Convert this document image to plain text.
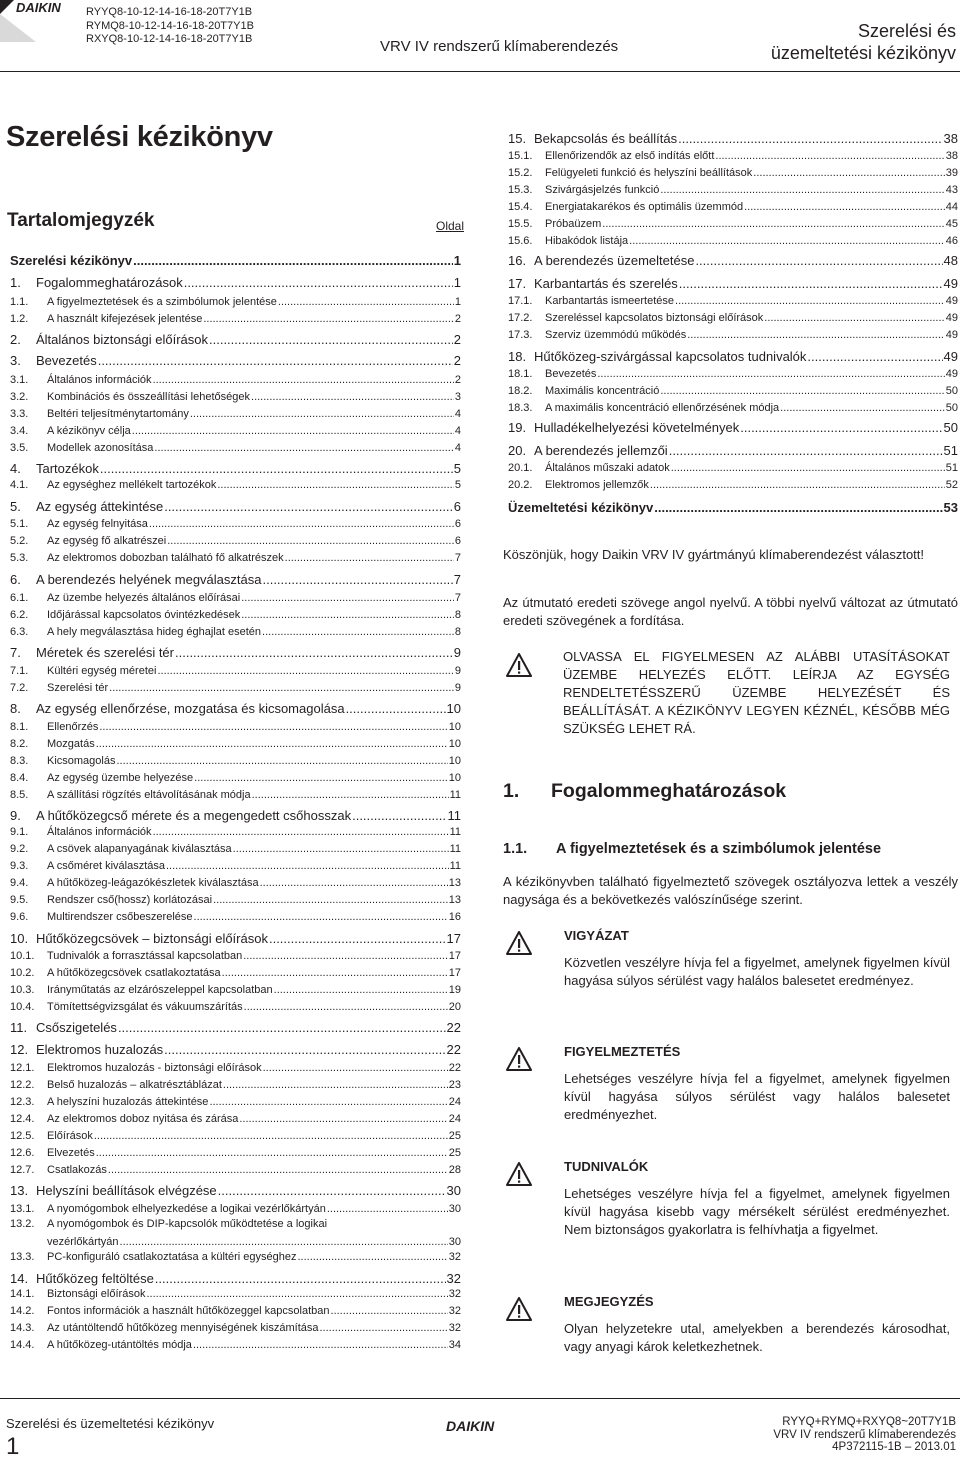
DAIKIN RYYQ8-10-12-14-16-18-20T7Y1B
RYMQ8-10-12-14-16-18-20T7Y1B
RXYQ8-10-12-14-16-18-20T7Y1B	VRV IV rendszerű klímaberendezés
Szerelési és
üzemeltetési kézikönyv
Szerelési kézikönyv
Tartalomjegyzék	Oldal
Szerelési kézikönyv .....	1
1.	Fogalommeghatározások .....	1
1.1.	A figyelmeztetések és a szimbólumok jelentése .....	1
1.2.	A használt kifejezések jelentése .....	2
2.	Általános biztonsági előírások .....	2
3.	Bevezetés .....	2
3.1.	Általános információk .....	2
3.2.	Kombinációs és összeállítási lehetőségek .....	3
3.3.	Beltéri teljesítménytartomány .....	4
3.4.	A kézikönyv célja .....	4
3.5.	Modellek azonosítása .....	4
4.	Tartozékok .....	5
4.1.	Az egységhez mellékelt tartozékok .....	5
5.	Az egység áttekintése .....	6
5.1.	Az egység felnyitása .....	6
5.2.	Az egység fő alkatrészei .....	6
5.3.	Az elektromos dobozban található fő alkatrészek .....	7
6.	A berendezés helyének megválasztása .....	7
6.1.	Az üzembe helyezés általános előírásai .....	7
6.2.	Időjárással kapcsolatos óvintézkedések .....	8
6.3.	A hely megválasztása hideg éghajlat esetén .....	8
7.	Méretek és szerelési tér .....	9
7.1.	Kültéri egység méretei .....	9
7.2.	Szerelési tér .....	9
8.	Az egység ellenőrzése, mozgatása és kicsomagolása .....	10
8.1.	Ellenőrzés .....	10
8.2.	Mozgatás .....	10
8.3.	Kicsomagolás .....	10
8.4.	Az egység üzembe helyezése .....	10
8.5.	A szállítási rögzítés eltávolításának módja .....	11
9.	A hűtőközegcső mérete és a megengedett csőhosszak .....	11
9.1.	Általános információk .....	11
9.2.	A csövek alapanyagának kiválasztása .....	11
9.3.	A csőméret kiválasztása .....	11
9.4.	A hűtőközeg-leágazókészletek kiválasztása .....	13
9.5.	Rendszer cső(hossz) korlátozásai .....	13
9.6.	Multirendszer csőbeszerelése .....	16
10. Hűtőközegcsövek – biztonsági előírások .....	17
10.1.	Tudnivalók a forrasztással kapcsolatban .....	17
10.2.	A hűtőközegcsövek csatlakoztatása .....	17
10.3.	Irányműtatás az elzárószeleppel kapcsolatban .....	19
10.4.	Tömítettségvizsgálat és vákuumszárítás .....	20
11. Csőszigetelés .....	22
12. Elektromos huzalozás .....	22
12.1.	Elektromos huzalozás - biztonsági előírások .....	22
12.2.	Belső huzalozás – alkatrésztáblázat .....	23
12.3.	A helyszíni huzalozás áttekintése .....	24
12.4.	Az elektromos doboz nyitása és zárása .....	24
12.5.	Előírások .....	25
12.6.	Elvezetés .....	25
12.7.	Csatlakozás .....	28
13. Helyszíni beállítások elvégzése .....	30
13.1.	A nyomógombok elhelyezkedése a logikai vezérlőkártyán .....	30
13.2.	A nyomógombok és DIP-kapcsolók működtetése a logikai
vezérlőkártyán .....	30
13.3.	PC-konfiguráló csatlakoztatása a kültéri egységhez .....	32
14. Hűtőközeg feltöltése .....	32
14.1.	Biztonsági előírások .....	32
14.2.	Fontos információk a használt hűtőközeggel kapcsolatban .....	32
14.3.	Az utántöltendő hűtőközeg mennyiségének kiszámítása .....	32
14.4.	A hűtőközeg-utántöltés módja .....	34
15. Bekapcsolás és beállítás .....	38
15.1.	Ellenőrizendők az első indítás előtt .....	38
15.2.	Felügyeleti funkció és helyszíni beállítások .....	39
15.3.	Szivárgásjelzés funkció .....	43
15.4.	Energiatakarékos és optimális üzemmód .....	44
15.5.	Próbaüzem .....	45
15.6.	Hibakódok listája .....	46
16. A berendezés üzemeltetése .....	48
17. Karbantartás és szerelés .....	49
17.1.	Karbantartás ismeertetése .....	49
17.2.	Szereléssel kapcsolatos biztonsági előírások .....	49
17.3.	Szerviz üzemmódú működés .....	49
18. Hűtőközeg-szivárgással kapcsolatos tudnivalók .....	49
18.1.	Bevezetés .....	49
18.2.	Maximális koncentráció .....	50
18.3.	A maximális koncentráció ellenőrzésének módja .....	50
19. Hulladékelhelyezési követelmények .....	50
20. A berendezés jellemzői .....	51
20.1.	Általános műszaki adatok .....	51
20.2.	Elektromos jellemzők .....	52
Üzemeltetési kézikönyv .....	53
Köszönjük, hogy Daikin VRV IV gyártmányú klímaberendezést választott!
Az útmutató eredeti szövege angol nyelvű. A többi nyelvű változat az útmutató eredeti szövegének a fordítása.
OLVASSA EL FIGYELMESEN AZ ALÁBBI UTASÍTÁSOKAT ÜZEMBE HELYEZÉS ELŐTT. LEÍRJA AZ EGYSÉG RENDELTETÉSSZERŰ ÜZEMBE HELYEZÉSÉT ÉS BEÁLLÍTÁSÁT. A KÉZIKÖNYV LEGYEN KÉZNÉL, KÉSŐBB MÉG SZÜKSÉG LEHET RÁ.
1. Fogalommeghatározások
1.1. A figyelmeztetések és a szimbólumok jelentése
A kézikönyvben található figyelmeztető szövegek osztályozva lettek a veszély nagysága és a bekövetkezés valószínűsége szerint.
VIGYÁZAT
Közvetlen veszélyre hívja fel a figyelmet, amelynek figyelmen kívül hagyása súlyos sérülést vagy halálos balesetet eredményez.
FIGYELMEZTETÉS
Lehetséges veszélyre hívja fel a figyelmet, amelynek figyelmen kívül hagyása súlyos sérülést vagy halálos balesetet eredményezhet.
TUDNIVALÓK
Lehetséges veszélyre hívja fel a figyelmet, amelynek figyelmen kívül hagyása kisebb vagy mérsékelt sérülést eredményezhet. Nem biztonságos gyakorlatra is felhívhatja a figyelmet.
MEGJEGYZÉS
Olyan helyzetekre utal, amelyekben a berendezés károsodhat, vagy anyagi károk keletkezhetnek.
Szerelési és üzemeltetési kézikönyv
1
DAIKIN	RYYQ+RYMQ+RXYQ8~20T7Y1B
VRV IV rendszerű klímaberendezés
4P372115-1B – 2013.01
